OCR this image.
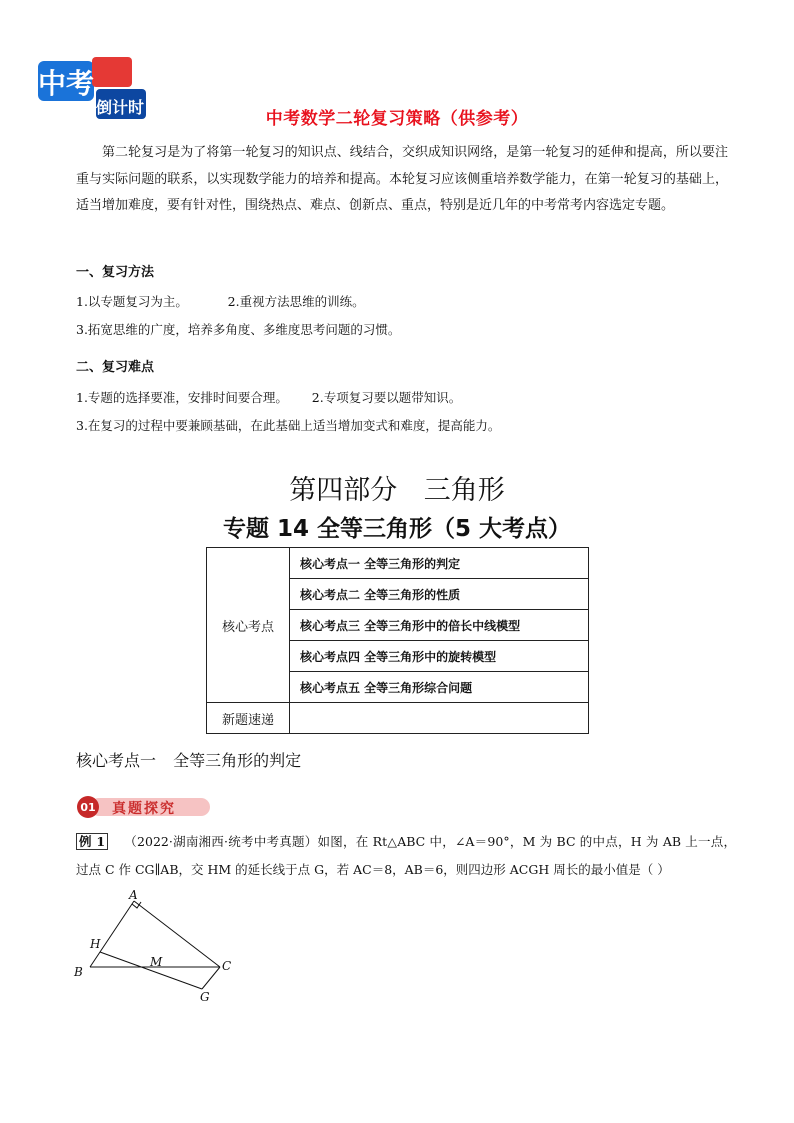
中考
倒计时
中考数学二轮复习策略（供参考）
第二轮复习是为了将第一轮复习的知识点、线结合，交织成知识网络，是第一轮复习的延伸和提高，所以要注重与实际问题的联系，以实现数学能力的培养和提高。本轮复习应该侧重培养数学能力，在第一轮复习的基础上，适当增加难度，要有针对性，围绕热点、难点、创新点、重点，特别是近几年的中考常考内容选定专题。
一、复习方法
1.以专题复习为主。          2.重视方法思维的训练。
3.拓宽思维的广度，培养多角度、多维度思考问题的习惯。
二、复习难点
1.专题的选择要准，安排时间要合理。      2.专项复习要以题带知识。
3.在复习的过程中要兼顾基础，在此基础上适当增加变式和难度，提高能力。
第四部分 三角形
专题 14 全等三角形（5 大考点）
核心考点	核心考点一 全等三角形的判定
	核心考点二 全等三角形的性质
	核心考点三 全等三角形中的倍长中线模型
	核心考点四 全等三角形中的旋转模型
	核心考点五 全等三角形综合问题
新题速递	
核心考点一 全等三角形的判定
01 真题探究
例 1 （2022·湖南湘西·统考中考真题）如图，在 Rt△ABC 中，∠A＝90°，M 为 BC 的中点，H 为 AB 上一点，过点 C 作 CG∥AB，交 HM 的延长线于点 G，若 AC＝8，AB＝6，则四边形 ACGH 周长的最小值是（ ）
A
B	C
H
M
G
